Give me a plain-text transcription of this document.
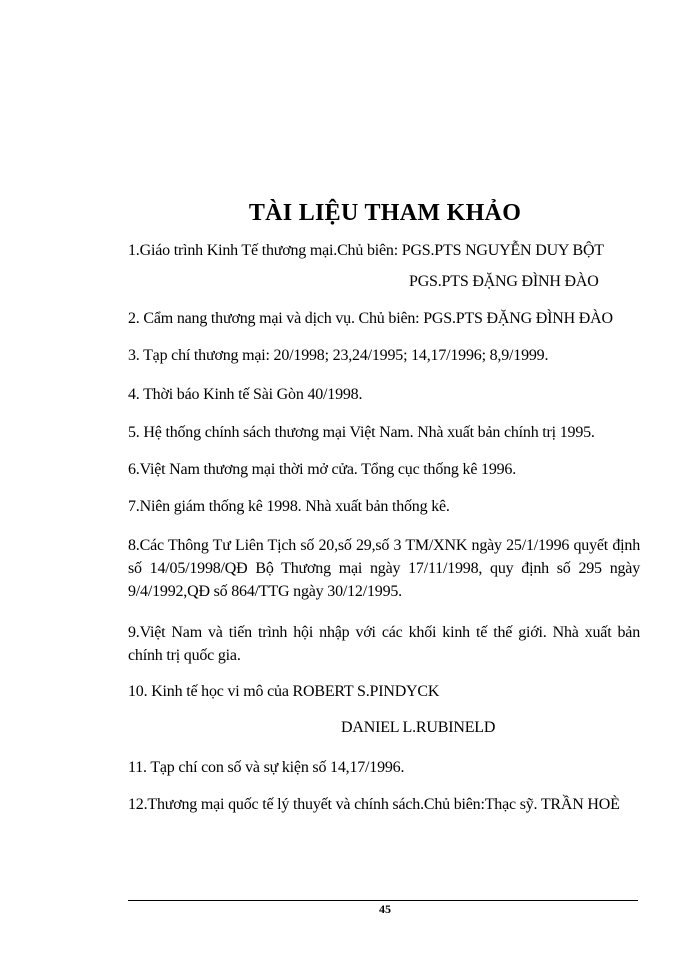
TÀI LIỆU THAM KHẢO
1.Giáo trình Kinh Tế thương mại.Chủ biên: PGS.PTS NGUYỄN DUY BỘT
PGS.PTS ĐẶNG ĐÌNH ĐÀO
2. Cẩm nang thương mại và dịch vụ. Chủ biên: PGS.PTS ĐẶNG ĐÌNH ĐÀO
3. Tạp chí thương mại: 20/1998; 23,24/1995; 14,17/1996; 8,9/1999.
4. Thời báo Kinh tế Sài Gòn 40/1998.
5. Hệ thống chính sách thương mại Việt Nam. Nhà xuất bản chính trị 1995.
6.Việt Nam thương mại thời mở cửa. Tổng cục thống kê 1996.
7.Niên giám thống kê 1998. Nhà xuất bản thống kê.
8.Các Thông Tư Liên Tịch số 20,số 29,số 3 TM/XNK ngày 25/1/1996 quyết định số 14/05/1998/QĐ Bộ Thương mại ngày 17/11/1998, quy định số 295 ngày 9/4/1992,QĐ số 864/TTG ngày 30/12/1995.
9.Việt Nam và tiến trình hội nhập với các khối kinh tế thế giới. Nhà xuất bản chính trị quốc gia.
10. Kinh tế học vi mô của ROBERT S.PINDYCK
DANIEL L.RUBINELD
11. Tạp chí con số và sự kiện số 14,17/1996.
12.Thương mại quốc tế lý thuyết và chính sách.Chủ biên:Thạc sỹ. TRẦN HOÈ
45
